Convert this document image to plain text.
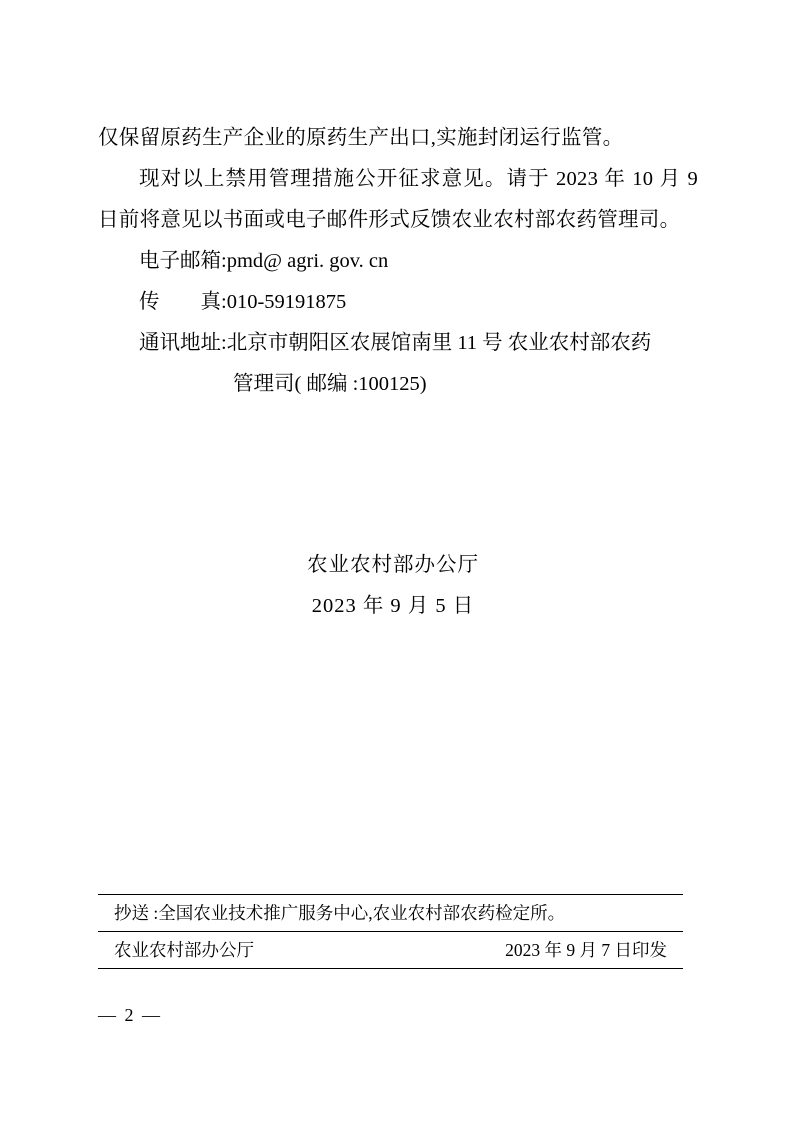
仅保留原药生产企业的原药生产出口,实施封闭运行监管。

现对以上禁用管理措施公开征求意见。请于 2023 年 10 月 9 日前将意见以书面或电子邮件形式反馈农业农村部农药管理司。

电子邮箱:pmd@ agri. gov. cn

传　　真:010-59191875

通讯地址:北京市朝阳区农展馆南里 11 号 农业农村部农药

管理司( 邮编 :100125)

农业农村部办公厅
2023 年 9 月 5 日
抄送 :全国农业技术推广服务中心,农业农村部农药检定所。
农业农村部办公厅	2023 年 9 月 7 日印发
— 2 —
